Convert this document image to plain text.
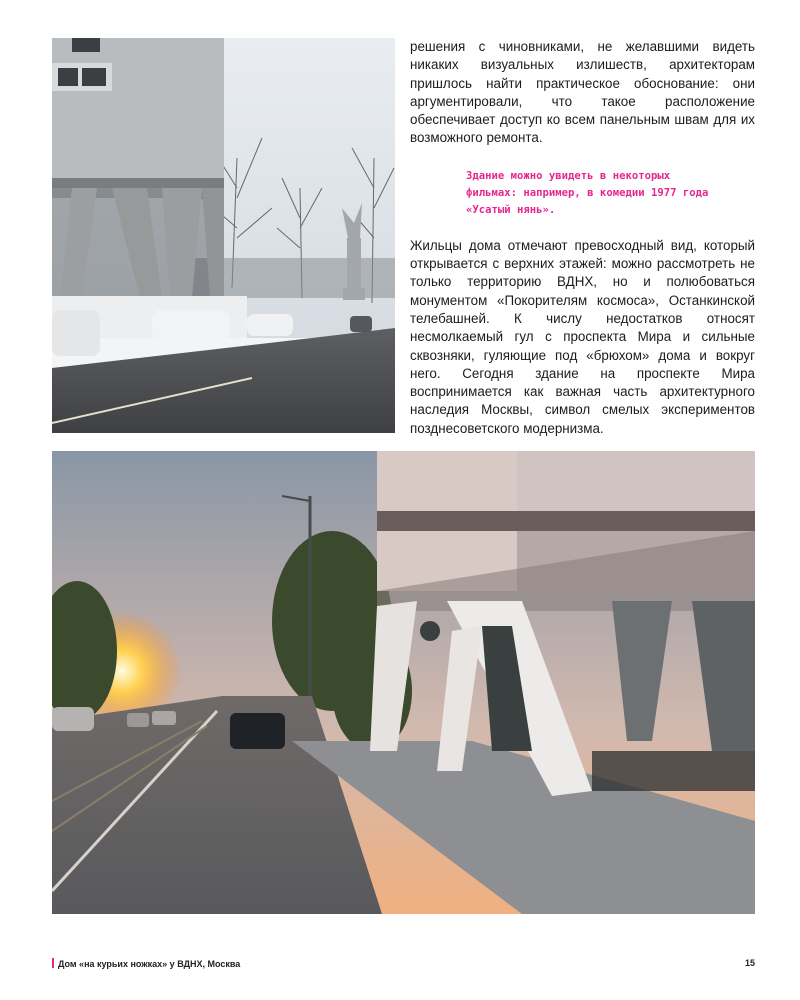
решения с чиновниками, не желавшими видеть никаких визуальных излишеств, архитекторам пришлось найти практическое обоснование: они аргументировали, что такое расположение обеспечивает доступ ко всем панельным швам для их возможного ремонта.

Здание можно увидеть в некоторых фильмах: например, в комедии 1977 года «Усатый нянь».

Жильцы дома отмечают превосходный вид, который открывается с верхних этажей: можно рассмотреть не только территорию ВДНХ, но и полюбоваться монументом «Покорителям космоса», Останкинской телебашней. К числу недостатков относят несмолкаемый гул с проспекта Мира и сильные сквозняки, гуляющие под «брюхом» дома и вокруг него. Сегодня здание на проспекте Мира воспринимается как важная часть архитектурного наследия Москвы, символ смелых экспериментов позднесоветского модернизма.

Дом «на курьих ножках» у ВДНХ, Москва	15
